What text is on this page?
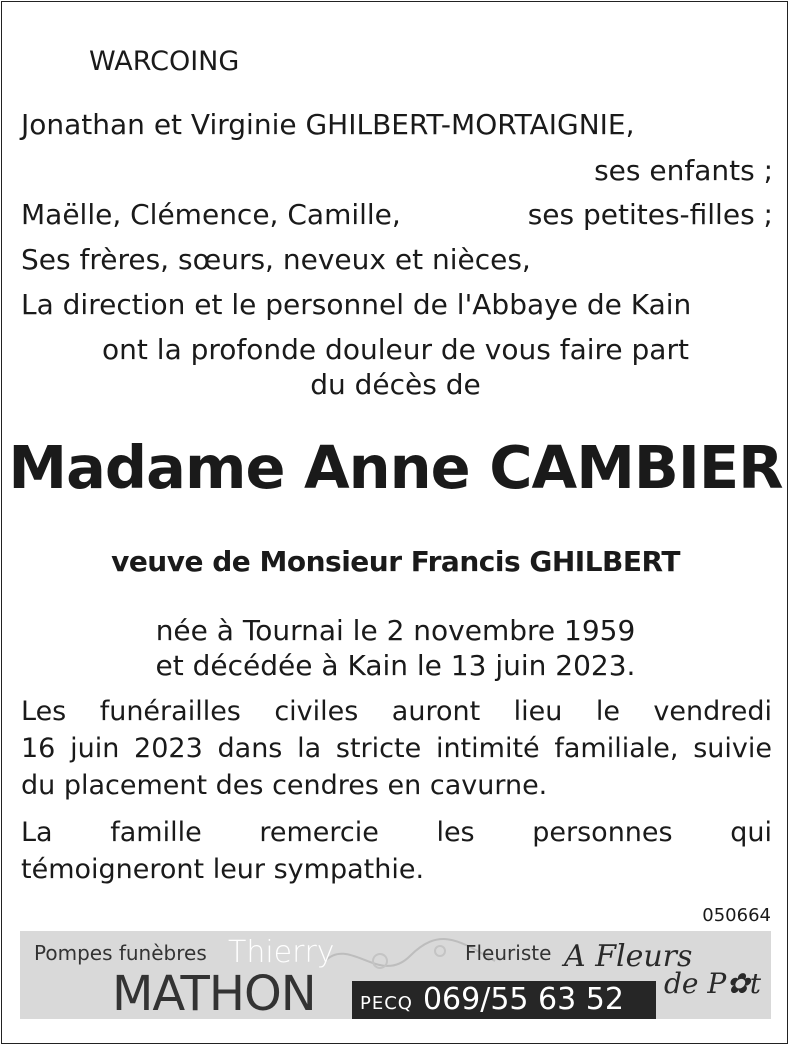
WARCOING
Jonathan et Virginie GHILBERT-MORTAIGNIE,
ses enfants ;
Maëlle, Clémence, Camille,	ses petites-filles ;
Ses frères, sœurs, neveux et nièces,
La direction et le personnel de l'Abbaye de Kain
ont la profonde douleur de vous faire part
du décès de
Madame Anne CAMBIER
veuve de Monsieur Francis GHILBERT
née à Tournai le 2 novembre 1959
et décédée à Kain le 13 juin 2023.
Les funérailles civiles auront lieu le vendredi
16 juin 2023 dans la stricte intimité familiale, suivie
du placement des cendres en cavurne.
La famille remercie les personnes qui
témoigneront leur sympathie.
050664
Pompes funèbres Thierry
MATHON
Fleuriste A Fleurs
de P✿t
PECQ 069/55 63 52
